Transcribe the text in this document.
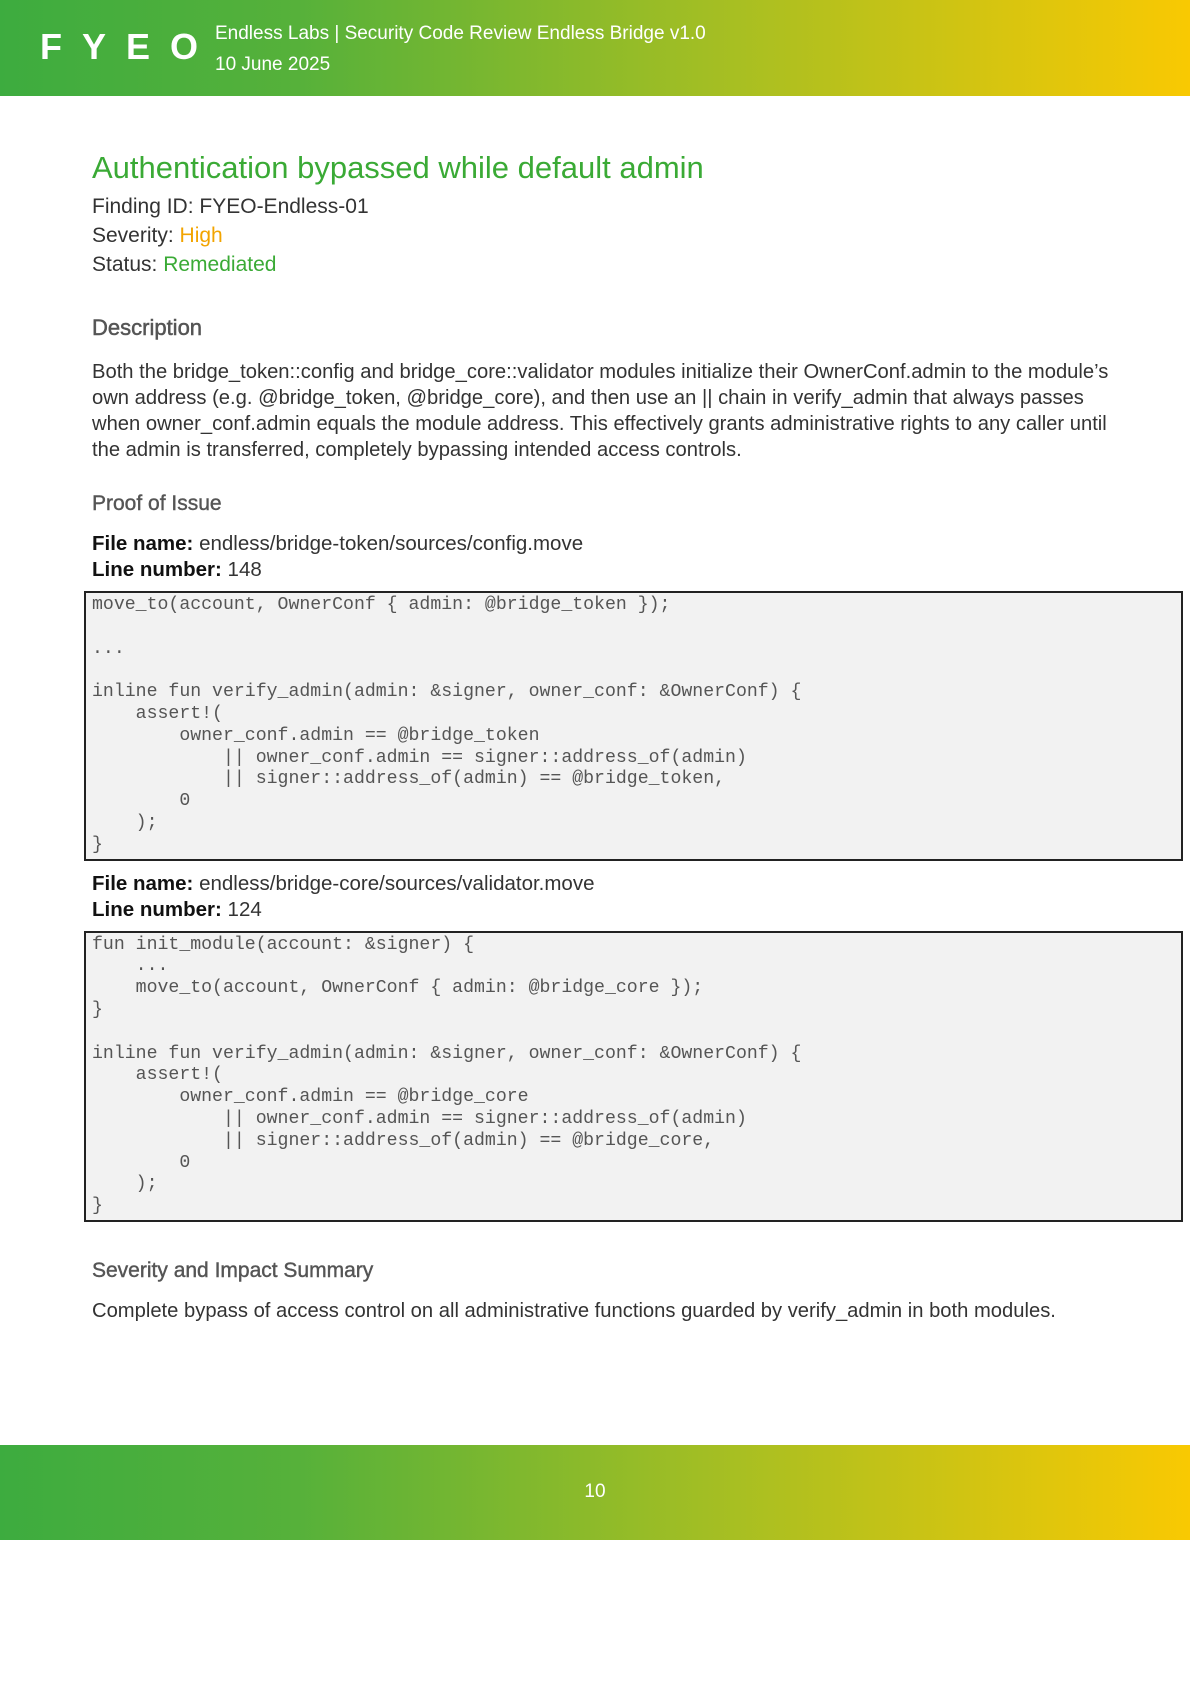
FYEO
Endless Labs | Security Code Review Endless Bridge v1.0
10 June 2025
Authentication bypassed while default admin
Finding ID: FYEO-Endless-01
Severity: High
Status: Remediated
Description

Both the bridge_token::config and bridge_core::validator modules initialize their OwnerConf.admin to the module’s own address (e.g. @bridge_token, @bridge_core), and then use an || chain in verify_admin that always passes when owner_conf.admin equals the module address. This effectively grants administrative rights to any caller until the admin is transferred, completely bypassing intended access controls.

Proof of Issue
File name: endless/bridge-token/sources/config.move
Line number: 148
move_to(account, OwnerConf { admin: @bridge_token });

...

inline fun verify_admin(admin: &signer, owner_conf: &OwnerConf) {
assert!(
owner_conf.admin == @bridge_token
|| owner_conf.admin == signer::address_of(admin)
|| signer::address_of(admin) == @bridge_token,
0
);
}
File name: endless/bridge-core/sources/validator.move
Line number: 124
fun init_module(account: &signer) {
...
move_to(account, OwnerConf { admin: @bridge_core });
}

inline fun verify_admin(admin: &signer, owner_conf: &OwnerConf) {
assert!(
owner_conf.admin == @bridge_core
|| owner_conf.admin == signer::address_of(admin)
|| signer::address_of(admin) == @bridge_core,
0
);
}
Severity and Impact Summary

Complete bypass of access control on all administrative functions guarded by verify_admin in both modules.

10
